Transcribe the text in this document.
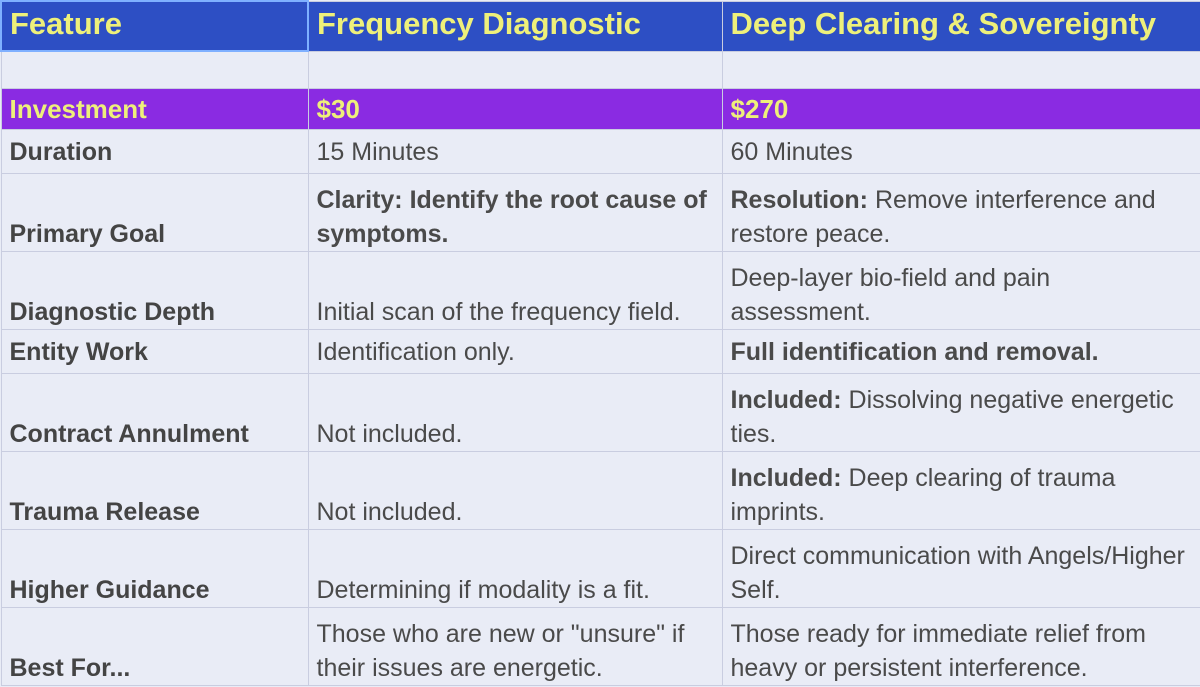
Feature	Frequency Diagnostic	Deep Clearing & Sovereignty

Investment	$30	$270
Duration	15 Minutes	60 Minutes
Primary Goal	Clarity: Identify the root cause of symptoms.	Resolution: Remove interference and restore peace.
Diagnostic Depth	Initial scan of the frequency field.	Deep-layer bio-field and pain assessment.
Entity Work	Identification only.	Full identification and removal.
Contract Annulment	Not included.	Included: Dissolving negative energetic ties.
Trauma Release	Not included.	Included: Deep clearing of trauma imprints.
Higher Guidance	Determining if modality is a fit.	Direct communication with Angels/Higher Self.
Best For...	Those who are new or "unsure" if their issues are energetic.	Those ready for immediate relief from heavy or persistent interference.
